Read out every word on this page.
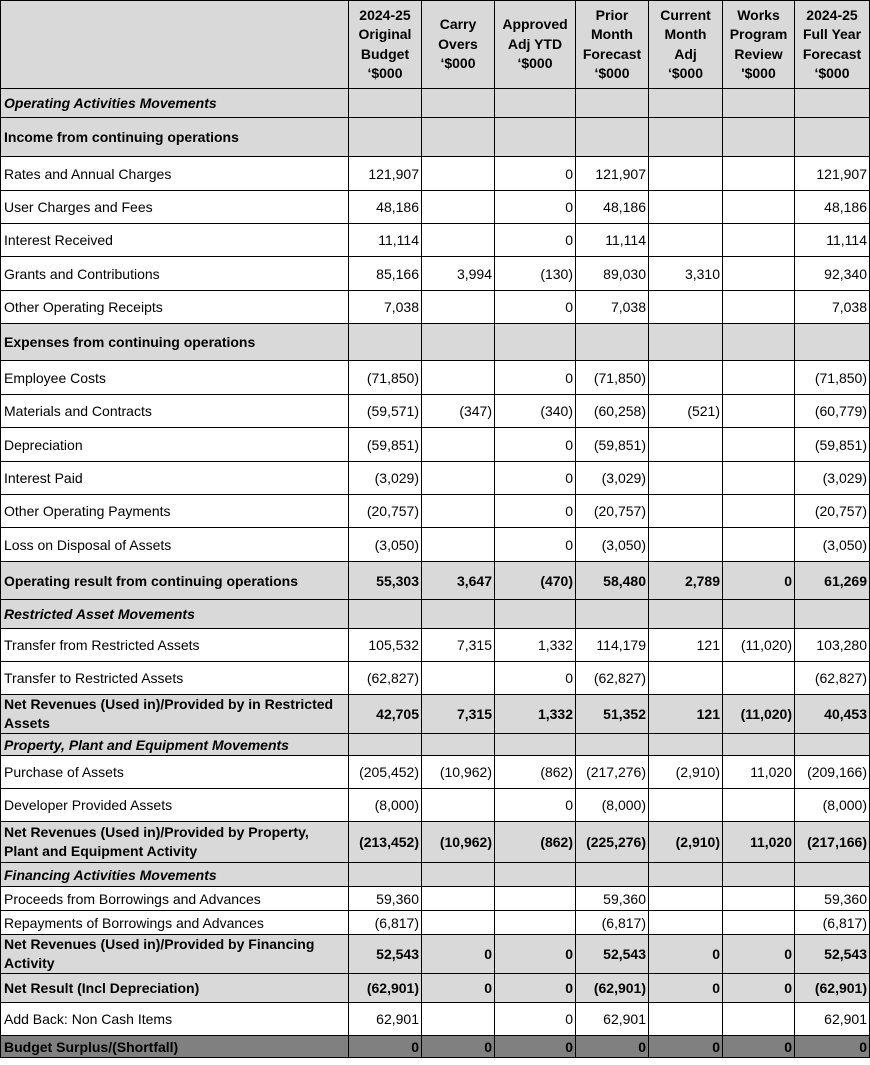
	2024-25
Original
Budget
‘$000	Carry
Overs
‘$000	Approved
Adj YTD
‘$000	Prior
Month
Forecast
‘$000	Current
Month
Adj
‘$000	Works
Program
Review
'$000	2024-25
Full Year
Forecast
‘$000

Operating Activities Movements							
Income from continuing operations							
Rates and Annual Charges	121,907		0	121,907			121,907
User Charges and Fees	48,186		0	48,186			48,186
Interest Received	11,114		0	11,114			11,114
Grants and Contributions	85,166	3,994	(130)	89,030	3,310		92,340
Other Operating Receipts	7,038		0	7,038			7,038
Expenses from continuing operations							
Employee Costs	(71,850)		0	(71,850)			(71,850)
Materials and Contracts	(59,571)	(347)	(340)	(60,258)	(521)		(60,779)
Depreciation	(59,851)		0	(59,851)			(59,851)
Interest Paid	(3,029)		0	(3,029)			(3,029)
Other Operating Payments	(20,757)		0	(20,757)			(20,757)
Loss on Disposal of Assets	(3,050)		0	(3,050)			(3,050)
Operating result from continuing operations	55,303	3,647	(470)	58,480	2,789	0	61,269
Restricted Asset Movements							
Transfer from Restricted Assets	105,532	7,315	1,332	114,179	121	(11,020)	103,280
Transfer to Restricted Assets	(62,827)		0	(62,827)			(62,827)
Net Revenues (Used in)/Provided by in Restricted Assets	42,705	7,315	1,332	51,352	121	(11,020)	40,453
Property, Plant and Equipment Movements							
Purchase of Assets	(205,452)	(10,962)	(862)	(217,276)	(2,910)	11,020	(209,166)
Developer Provided Assets	(8,000)		0	(8,000)			(8,000)
Net Revenues (Used in)/Provided by Property, Plant and Equipment Activity	(213,452)	(10,962)	(862)	(225,276)	(2,910)	11,020	(217,166)
Financing Activities Movements							
Proceeds from Borrowings and Advances	59,360			59,360			59,360
Repayments of Borrowings and Advances	(6,817)			(6,817)			(6,817)
Net Revenues (Used in)/Provided by Financing Activity	52,543	0	0	52,543	0	0	52,543
Net Result (Incl Depreciation)	(62,901)	0	0	(62,901)	0	0	(62,901)
Add Back: Non Cash Items	62,901		0	62,901			62,901
Budget Surplus/(Shortfall)	0	0	0	0	0	0	0
